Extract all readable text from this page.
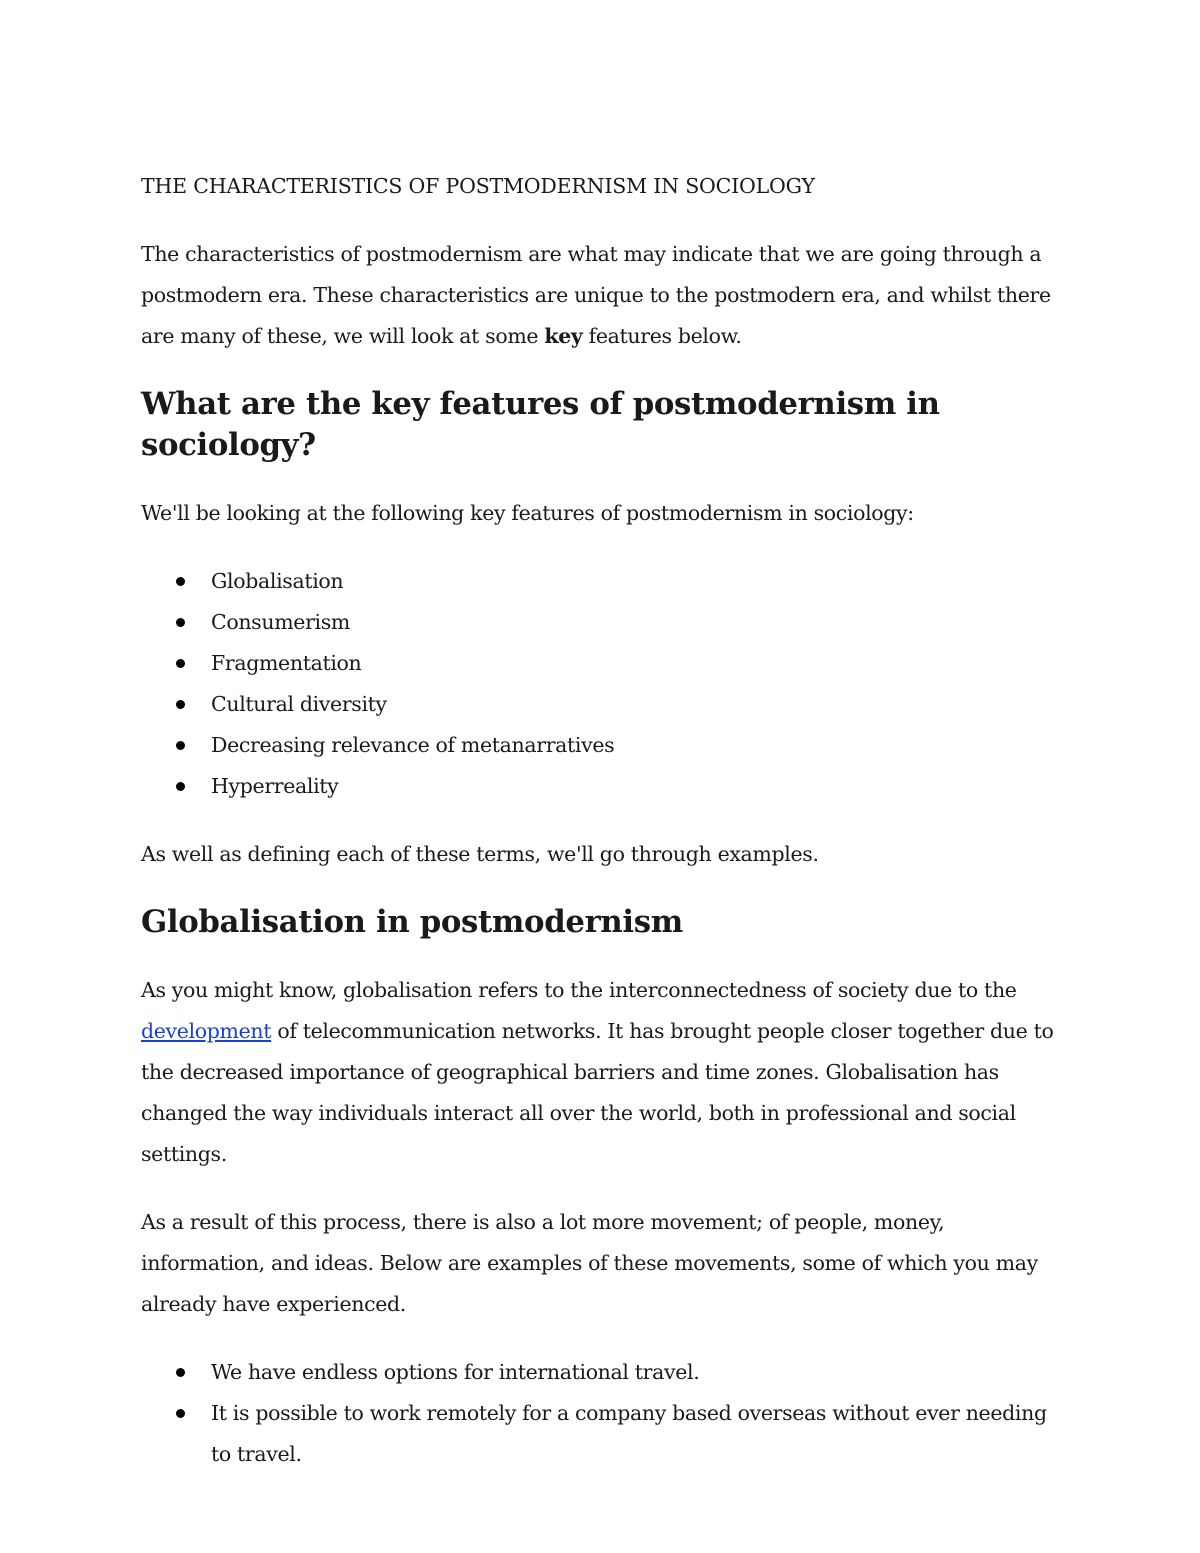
THE CHARACTERISTICS OF POSTMODERNISM IN SOCIOLOGY

The characteristics of postmodernism are what may indicate that we are going through a postmodern era. These characteristics are unique to the postmodern era, and whilst there are many of these, we will look at some key features below.

What are the key features of postmodernism in sociology?

We'll be looking at the following key features of postmodernism in sociology:

Globalisation
Consumerism
Fragmentation
Cultural diversity
Decreasing relevance of metanarratives
Hyperreality

As well as defining each of these terms, we'll go through examples.

Globalisation in postmodernism

As you might know, globalisation refers to the interconnectedness of society due to the development of telecommunication networks. It has brought people closer together due to the decreased importance of geographical barriers and time zones. Globalisation has changed the way individuals interact all over the world, both in professional and social settings.

As a result of this process, there is also a lot more movement; of people, money, information, and ideas. Below are examples of these movements, some of which you may already have experienced.

We have endless options for international travel.
It is possible to work remotely for a company based overseas without ever needing to travel.
